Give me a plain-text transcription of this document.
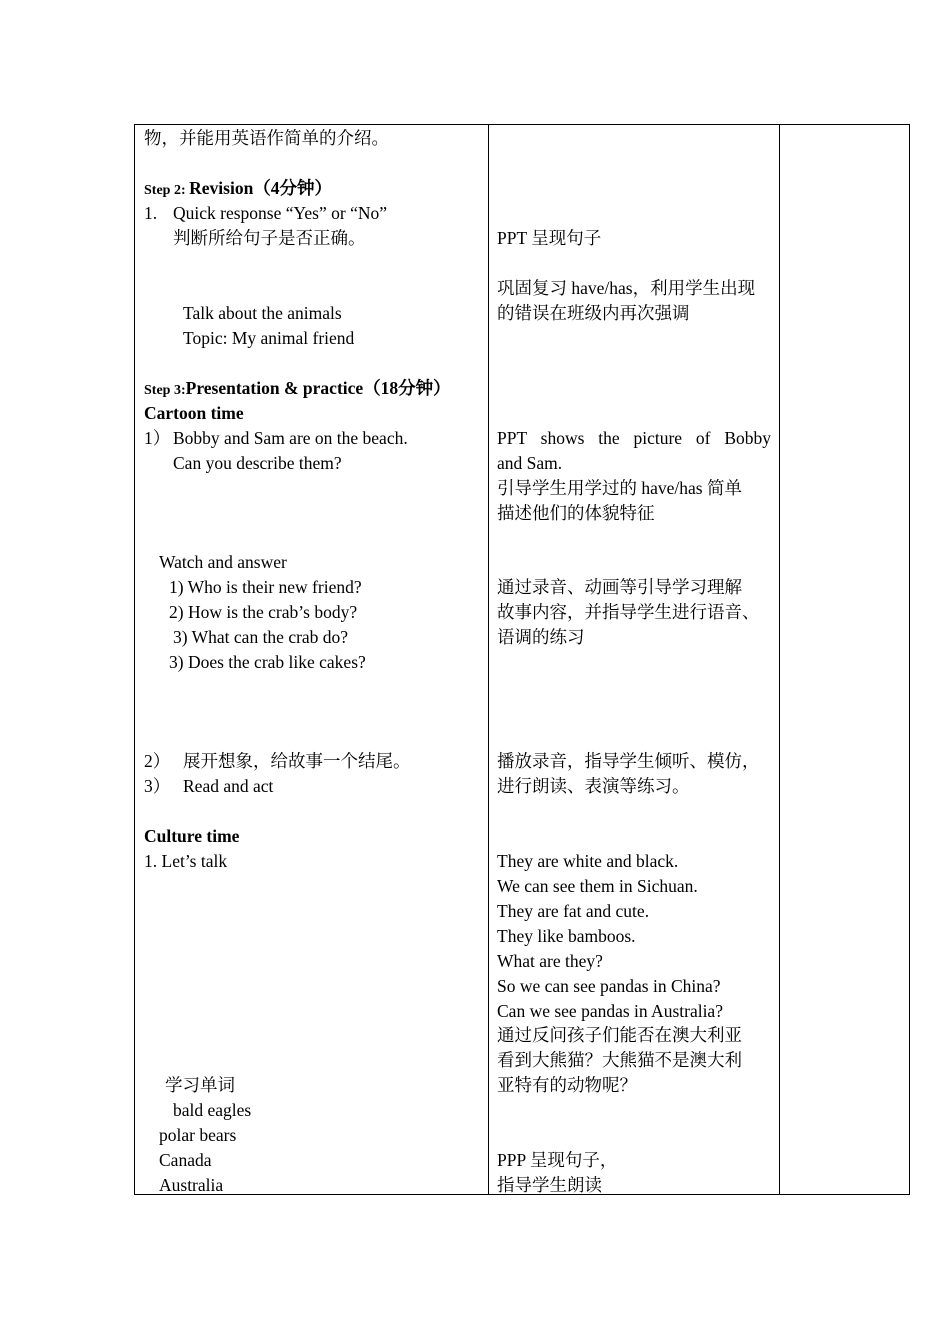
物，并能用英语作简单的介绍。
Step 2: Revision（4分钟）
1. Quick response “Yes” or “No”
判断所给句子是否正确。
Talk about the animals
Topic: My animal friend
Step 3:Presentation & practice（18分钟）
Cartoon time
1） Bobby and Sam are on the beach.
Can you describe them?
Watch and answer
1) Who is their new friend?
2) How is the crab’s body?
3) What can the crab do?
3) Does the crab like cakes?
2） 展开想象，给故事一个结尾。
3） Read and act
Culture time
1. Let’s talk
学习单词
bald eagles
polar bears
Canada
Australia
PPT 呈现句子
巩固复习 have/has，利用学生出现
的错误在班级内再次强调
PPT shows the picture of Bobby
and Sam.
引导学生用学过的 have/has 简单
描述他们的体貌特征
通过录音、动画等引导学习理解
故事内容，并指导学生进行语音、
语调的练习
播放录音，指导学生倾听、模仿，
进行朗读、表演等练习。
They are white and black.
We can see them in Sichuan.
They are fat and cute.
They like bamboos.
What are they?
So we can see pandas in China?
Can we see pandas in Australia?
通过反问孩子们能否在澳大利亚
看到大熊猫？大熊猫不是澳大利
亚特有的动物呢？
PPP 呈现句子，
指导学生朗读
